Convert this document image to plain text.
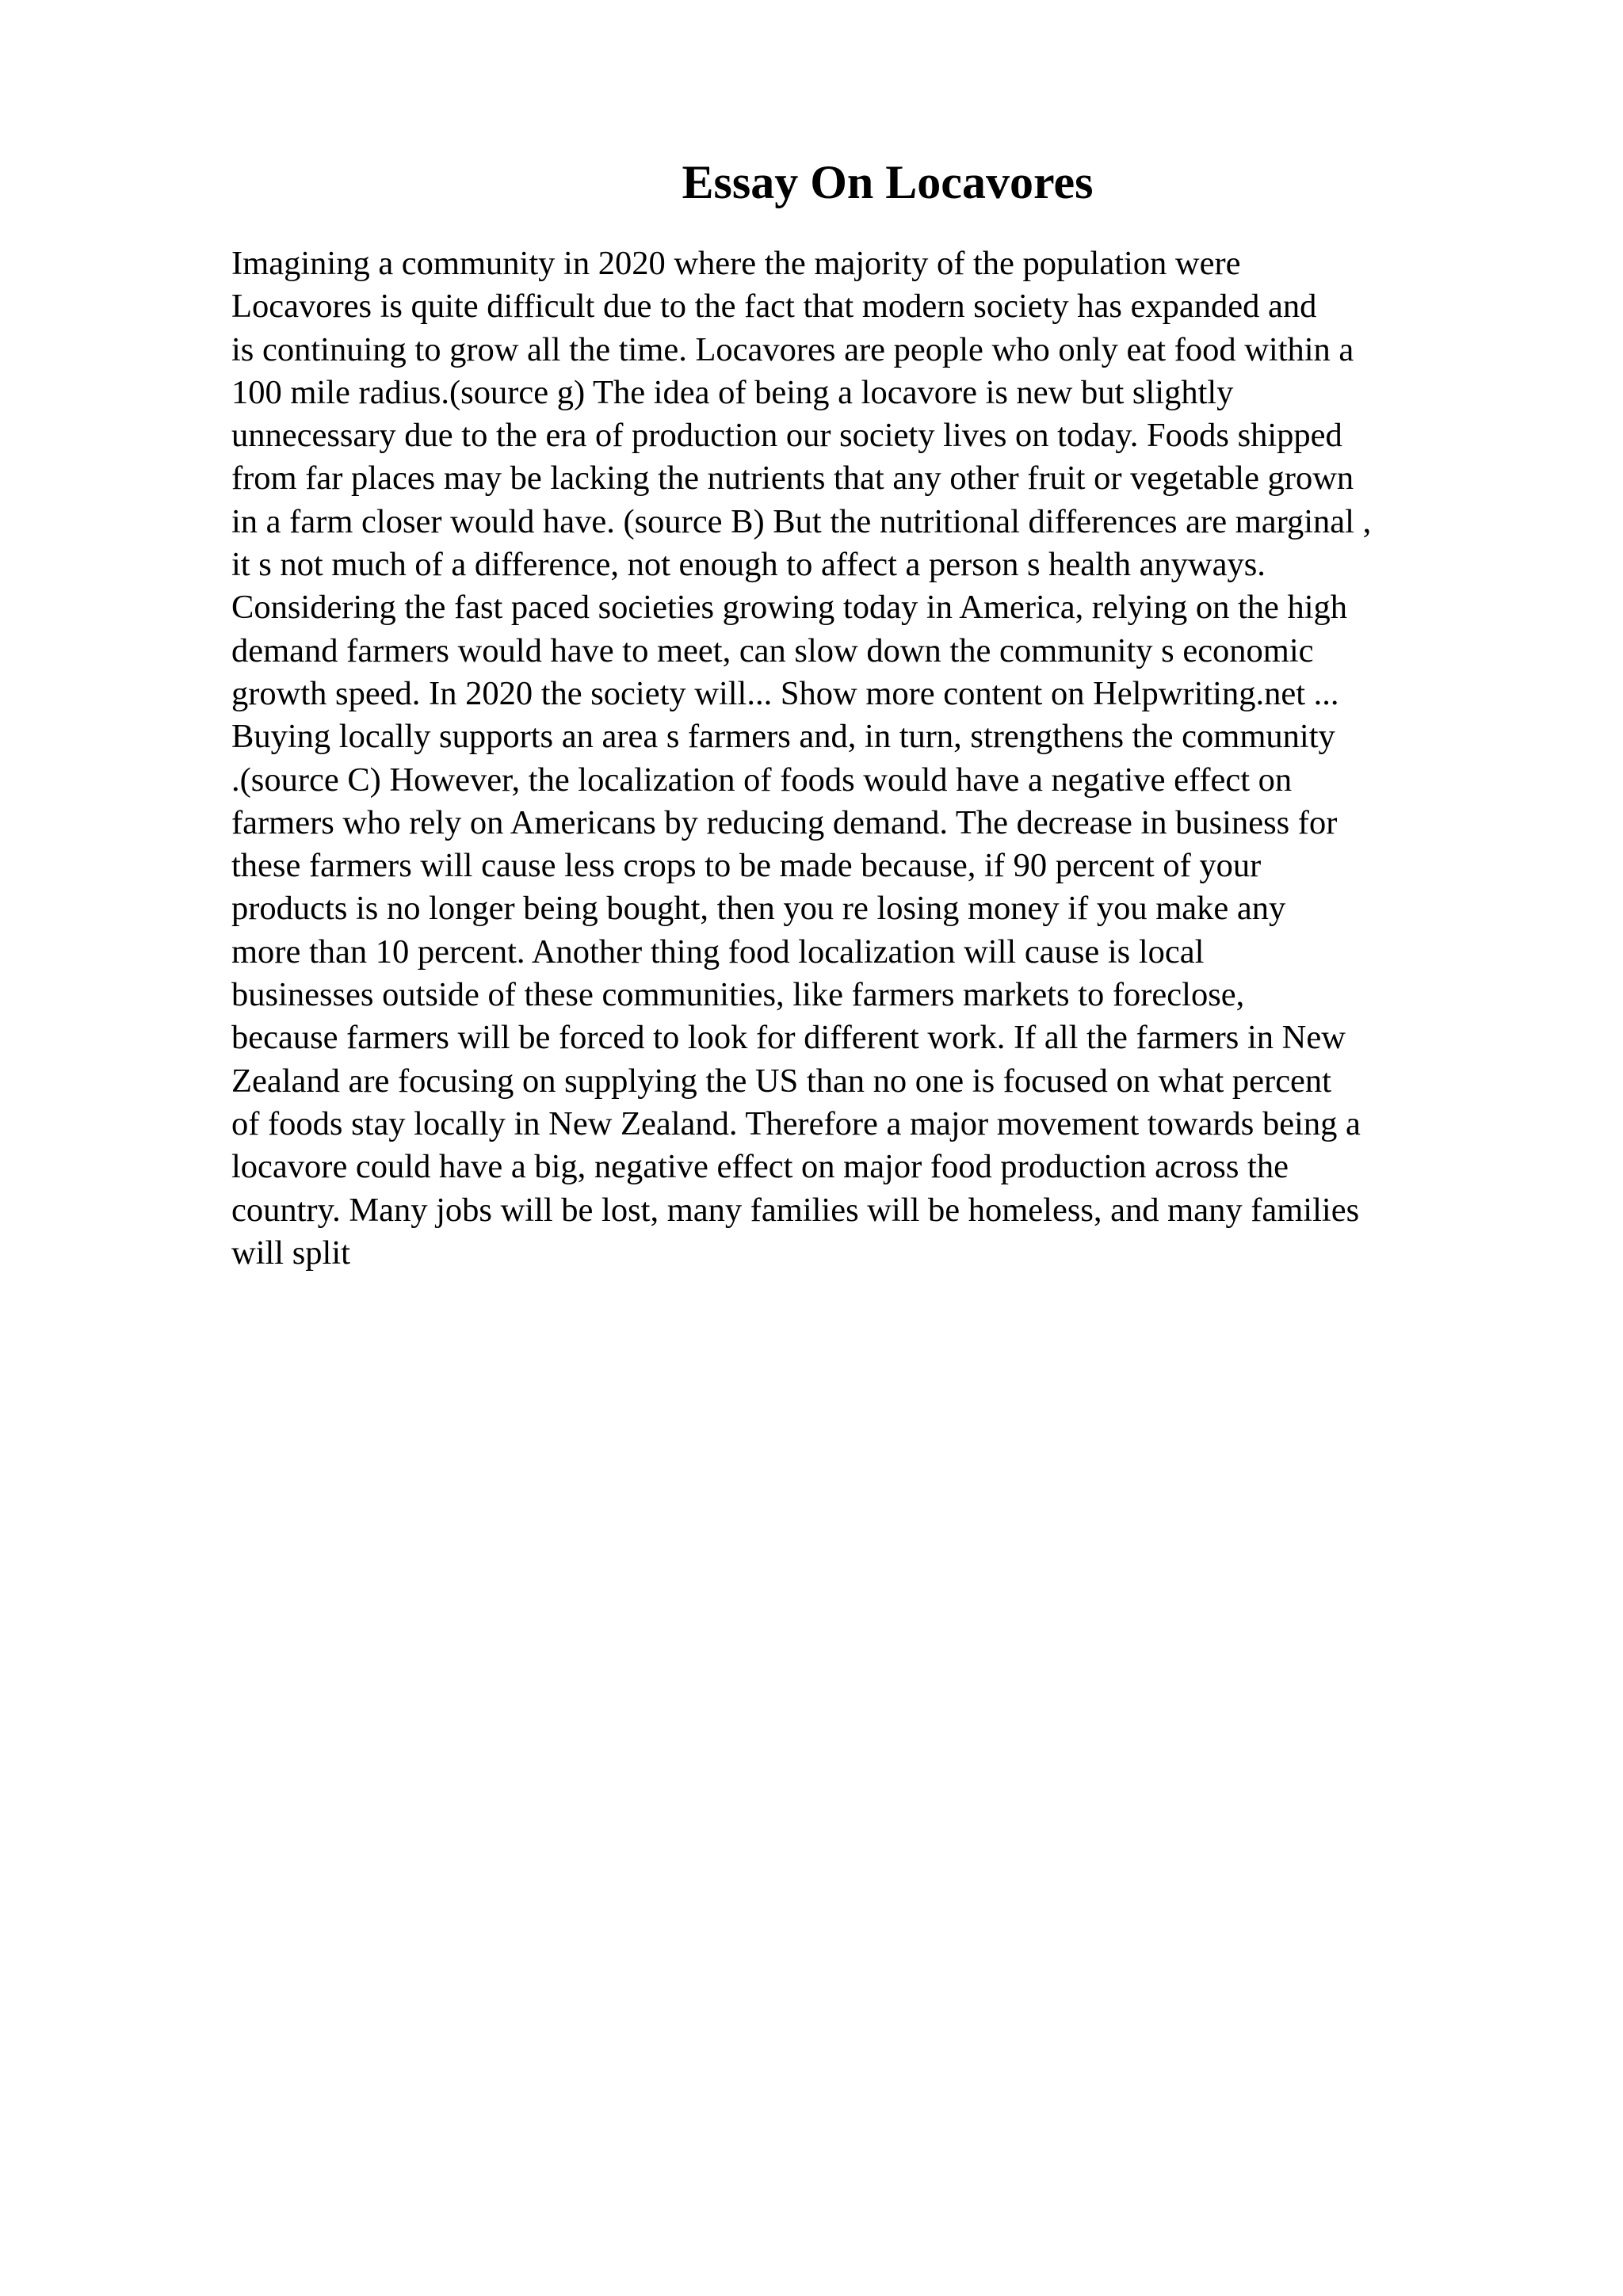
Essay On Locavores

Imagining a community in 2020 where the majority of the population were

Locavores is quite difficult due to the fact that modern society has expanded and

is continuing to grow all the time. Locavores are people who only eat food within a

100 mile radius.(source g) The idea of being a locavore is new but slightly

unnecessary due to the era of production our society lives on today. Foods shipped

from far places may be lacking the nutrients that any other fruit or vegetable grown

in a farm closer would have. (source B) But the nutritional differences are marginal ,

it s not much of a difference, not enough to affect a person s health anyways.

Considering the fast paced societies growing today in America, relying on the high

demand farmers would have to meet, can slow down the community s economic

growth speed. In 2020 the society will... Show more content on Helpwriting.net ...

Buying locally supports an area s farmers and, in turn, strengthens the community

.(source C) However, the localization of foods would have a negative effect on

farmers who rely on Americans by reducing demand. The decrease in business for

these farmers will cause less crops to be made because, if 90 percent of your

products is no longer being bought, then you re losing money if you make any

more than 10 percent. Another thing food localization will cause is local

businesses outside of these communities, like farmers markets to foreclose,

because farmers will be forced to look for different work. If all the farmers in New

Zealand are focusing on supplying the US than no one is focused on what percent

of foods stay locally in New Zealand. Therefore a major movement towards being a

locavore could have a big, negative effect on major food production across the

country. Many jobs will be lost, many families will be homeless, and many families

will split
